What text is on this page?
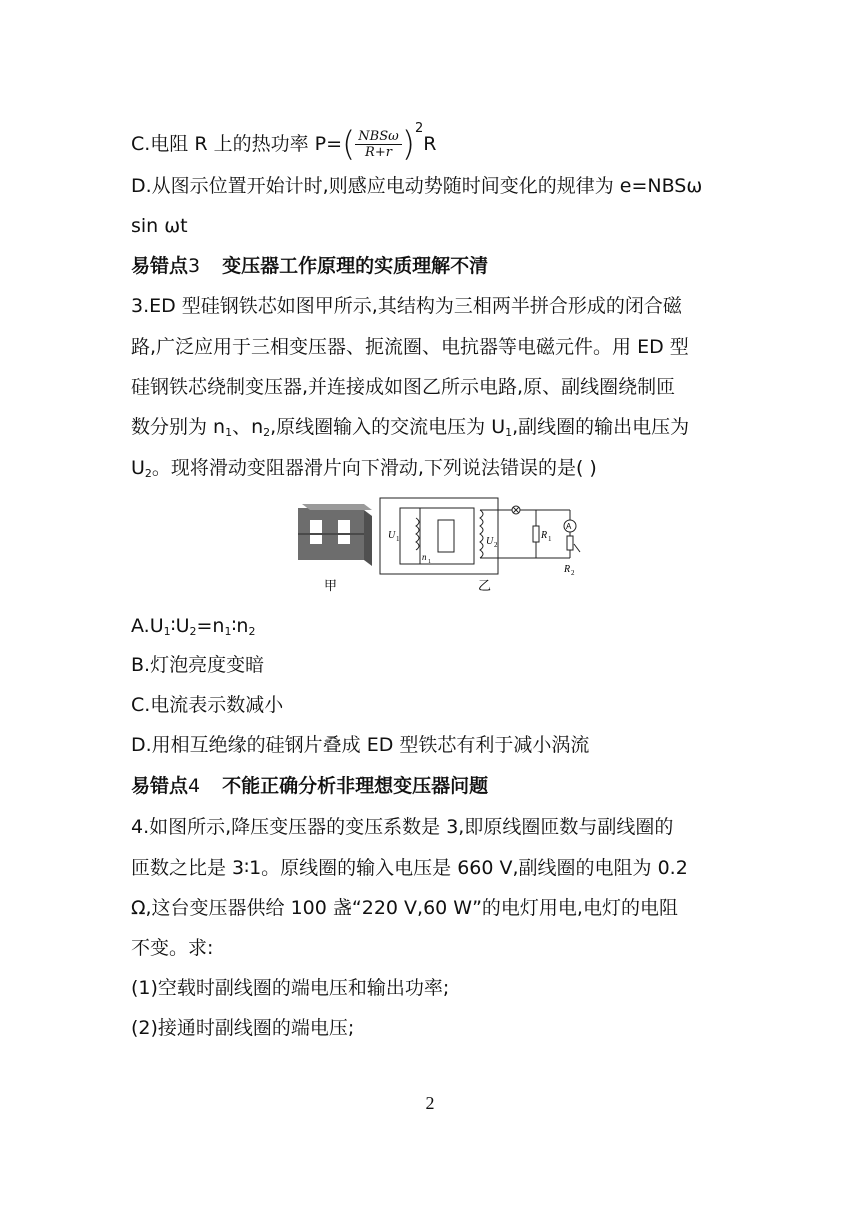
C.电阻 R 上的热功率 $P=( \frac{\text{NBSω}}{R+r} )^2R$
D.从图示位置开始计时,则感应电动势随时间变化的规律为 e=NBSω
sin ωt
易错点3 变压器工作原理的实质理解不清
3.ED 型硅钢铁芯如图甲所示,其结构为三相两半拼合形成的闭合磁
路,广泛应用于三相变压器、扼流圈、电抗器等电磁元件。用 ED 型
硅钢铁芯绕制变压器,并连接成如图乙所示电路,原、副线圈绕制匝
数分别为 $n_1$、$n_2$,原线圈输入的交流电压为 $U_1$,副线圈的输出电压为
$U_2$。现将滑动变阻器滑片向下滑动,下列说法错误的是( )
U 1
n 1
U 2
R 1
A
R 2
甲	乙
$A.U_1∶U_2=n_1∶n_2$
B.灯泡亮度变暗
C.电流表示数减小
D.用相互绝缘的硅钢片叠成 ED 型铁芯有利于减小涡流
易错点4 不能正确分析非理想变压器问题
4.如图所示,降压变压器的变压系数是 3,即原线圈匝数与副线圈的
匝数之比是 3∶1。原线圈的输入电压是 660 V,副线圈的电阻为 0.2
Ω,这台变压器供给 100 盏“220 V,60 W”的电灯用电,电灯的电阻
不变。求:
(1)空载时副线圈的端电压和输出功率;
(2)接通时副线圈的端电压;
2
